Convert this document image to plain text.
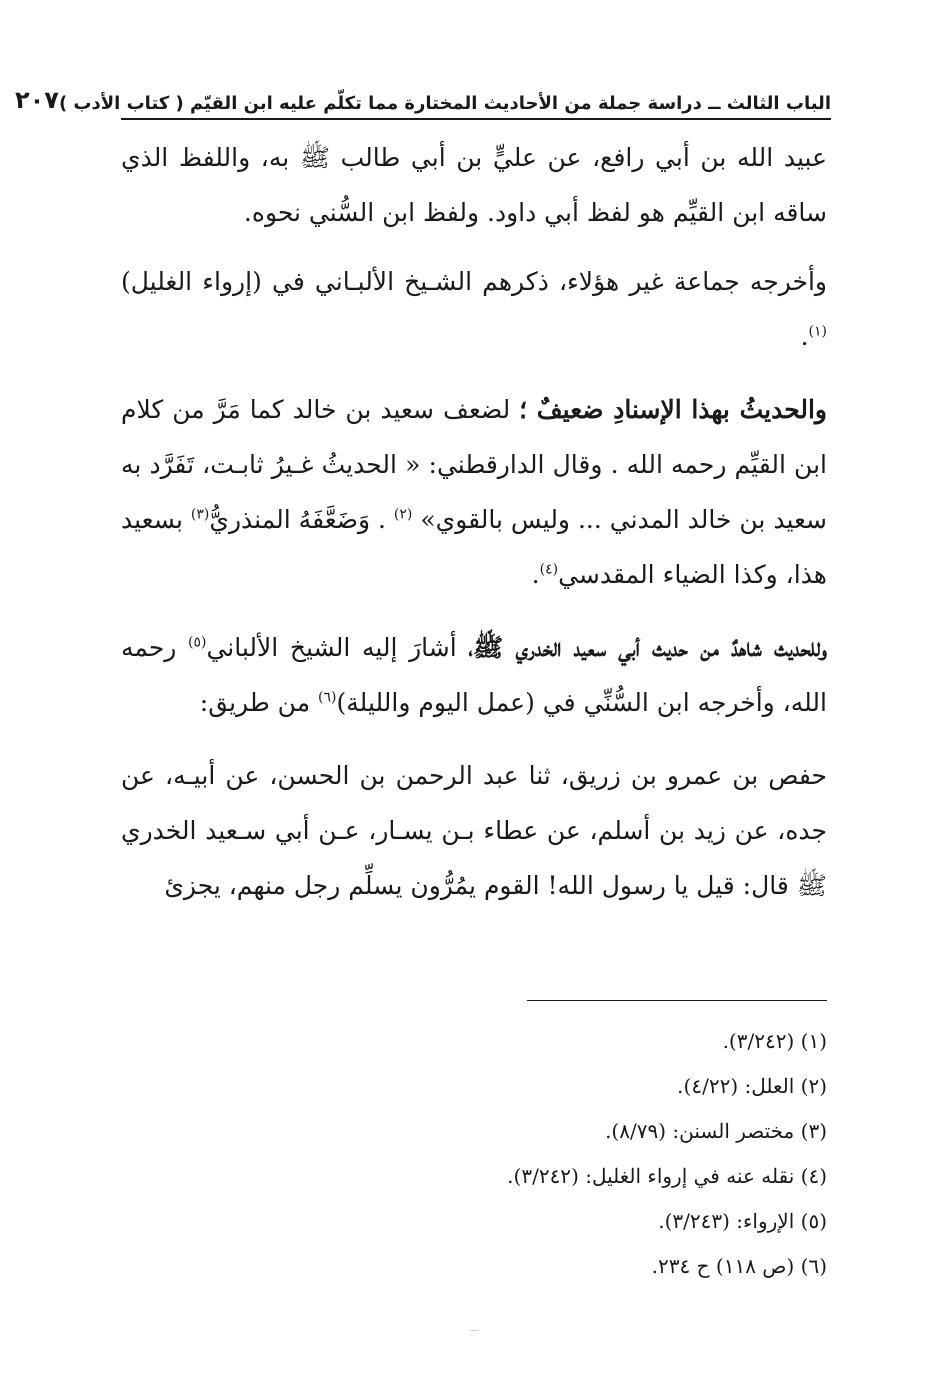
الباب الثالث ــ دراسة جملة من الأحاديث المختارة مما تكلّم عليه ابن القيّم ( كتاب الأدب )
٢٠٧

عبيد الله بن أبي رافع، عن عليٍّ بن أبي طالب ﷺ به، واللفظ الذي ساقه ابن القيِّم هو لفظ أبي داود. ولفظ ابن السُّني نحوه.

وأخرجه جماعة غير هؤلاء، ذكرهم الشـيخ الألبـاني في (إرواء الغليل)$^{(١)}$.

والحديثُ بهذا الإسنادِ ضعيفٌ ؛ لضعف سعيد بن خالد كما مَرَّ من كلام ابن القيِّم رحمه الله . وقال الدارقطني: « الحديثُ غـيرُ ثابـت، تَفَرَّد به سعيد بن خالد المدني ... وليس بالقوي» $^{(٢)}$ . وَضَعَّفَهُ المنذريُّ$^{(٣)}$ بسعيد هذا، وكذا الضياء المقدسي$^{(٤)}$.

وللحديث شاهدٌ من حديث أبي سعيد الخدري ﷺ، أشارَ إليه الشيخ الألباني$^{(٥)}$ رحمه الله، وأخرجه ابن السُّنِّي في (عمل اليوم والليلة)$^{(٦)}$ من طريق:

حفص بن عمرو بن زريق، ثنا عبد الرحمن بن الحسن، عن أبيـه، عن جده، عن زيد بن أسلم، عن عطاء بـن يسـار، عـن أبي سـعيد الخدري ﷺ قال: قيل يا رسول الله! القوم يمُرُّون يسلِّم رجل منهم، يجزئ

(١) (٣/٢٤٢).
(٢) العلل: (٤/٢٢).
(٣) مختصر السنن: (٨/٧٩).
(٤) نقله عنه في إرواء الغليل: (٣/٢٤٢).
(٥) الإرواء: (٣/٢٤٣).
(٦) (ص ١١٨) ح ٢٣٤.
